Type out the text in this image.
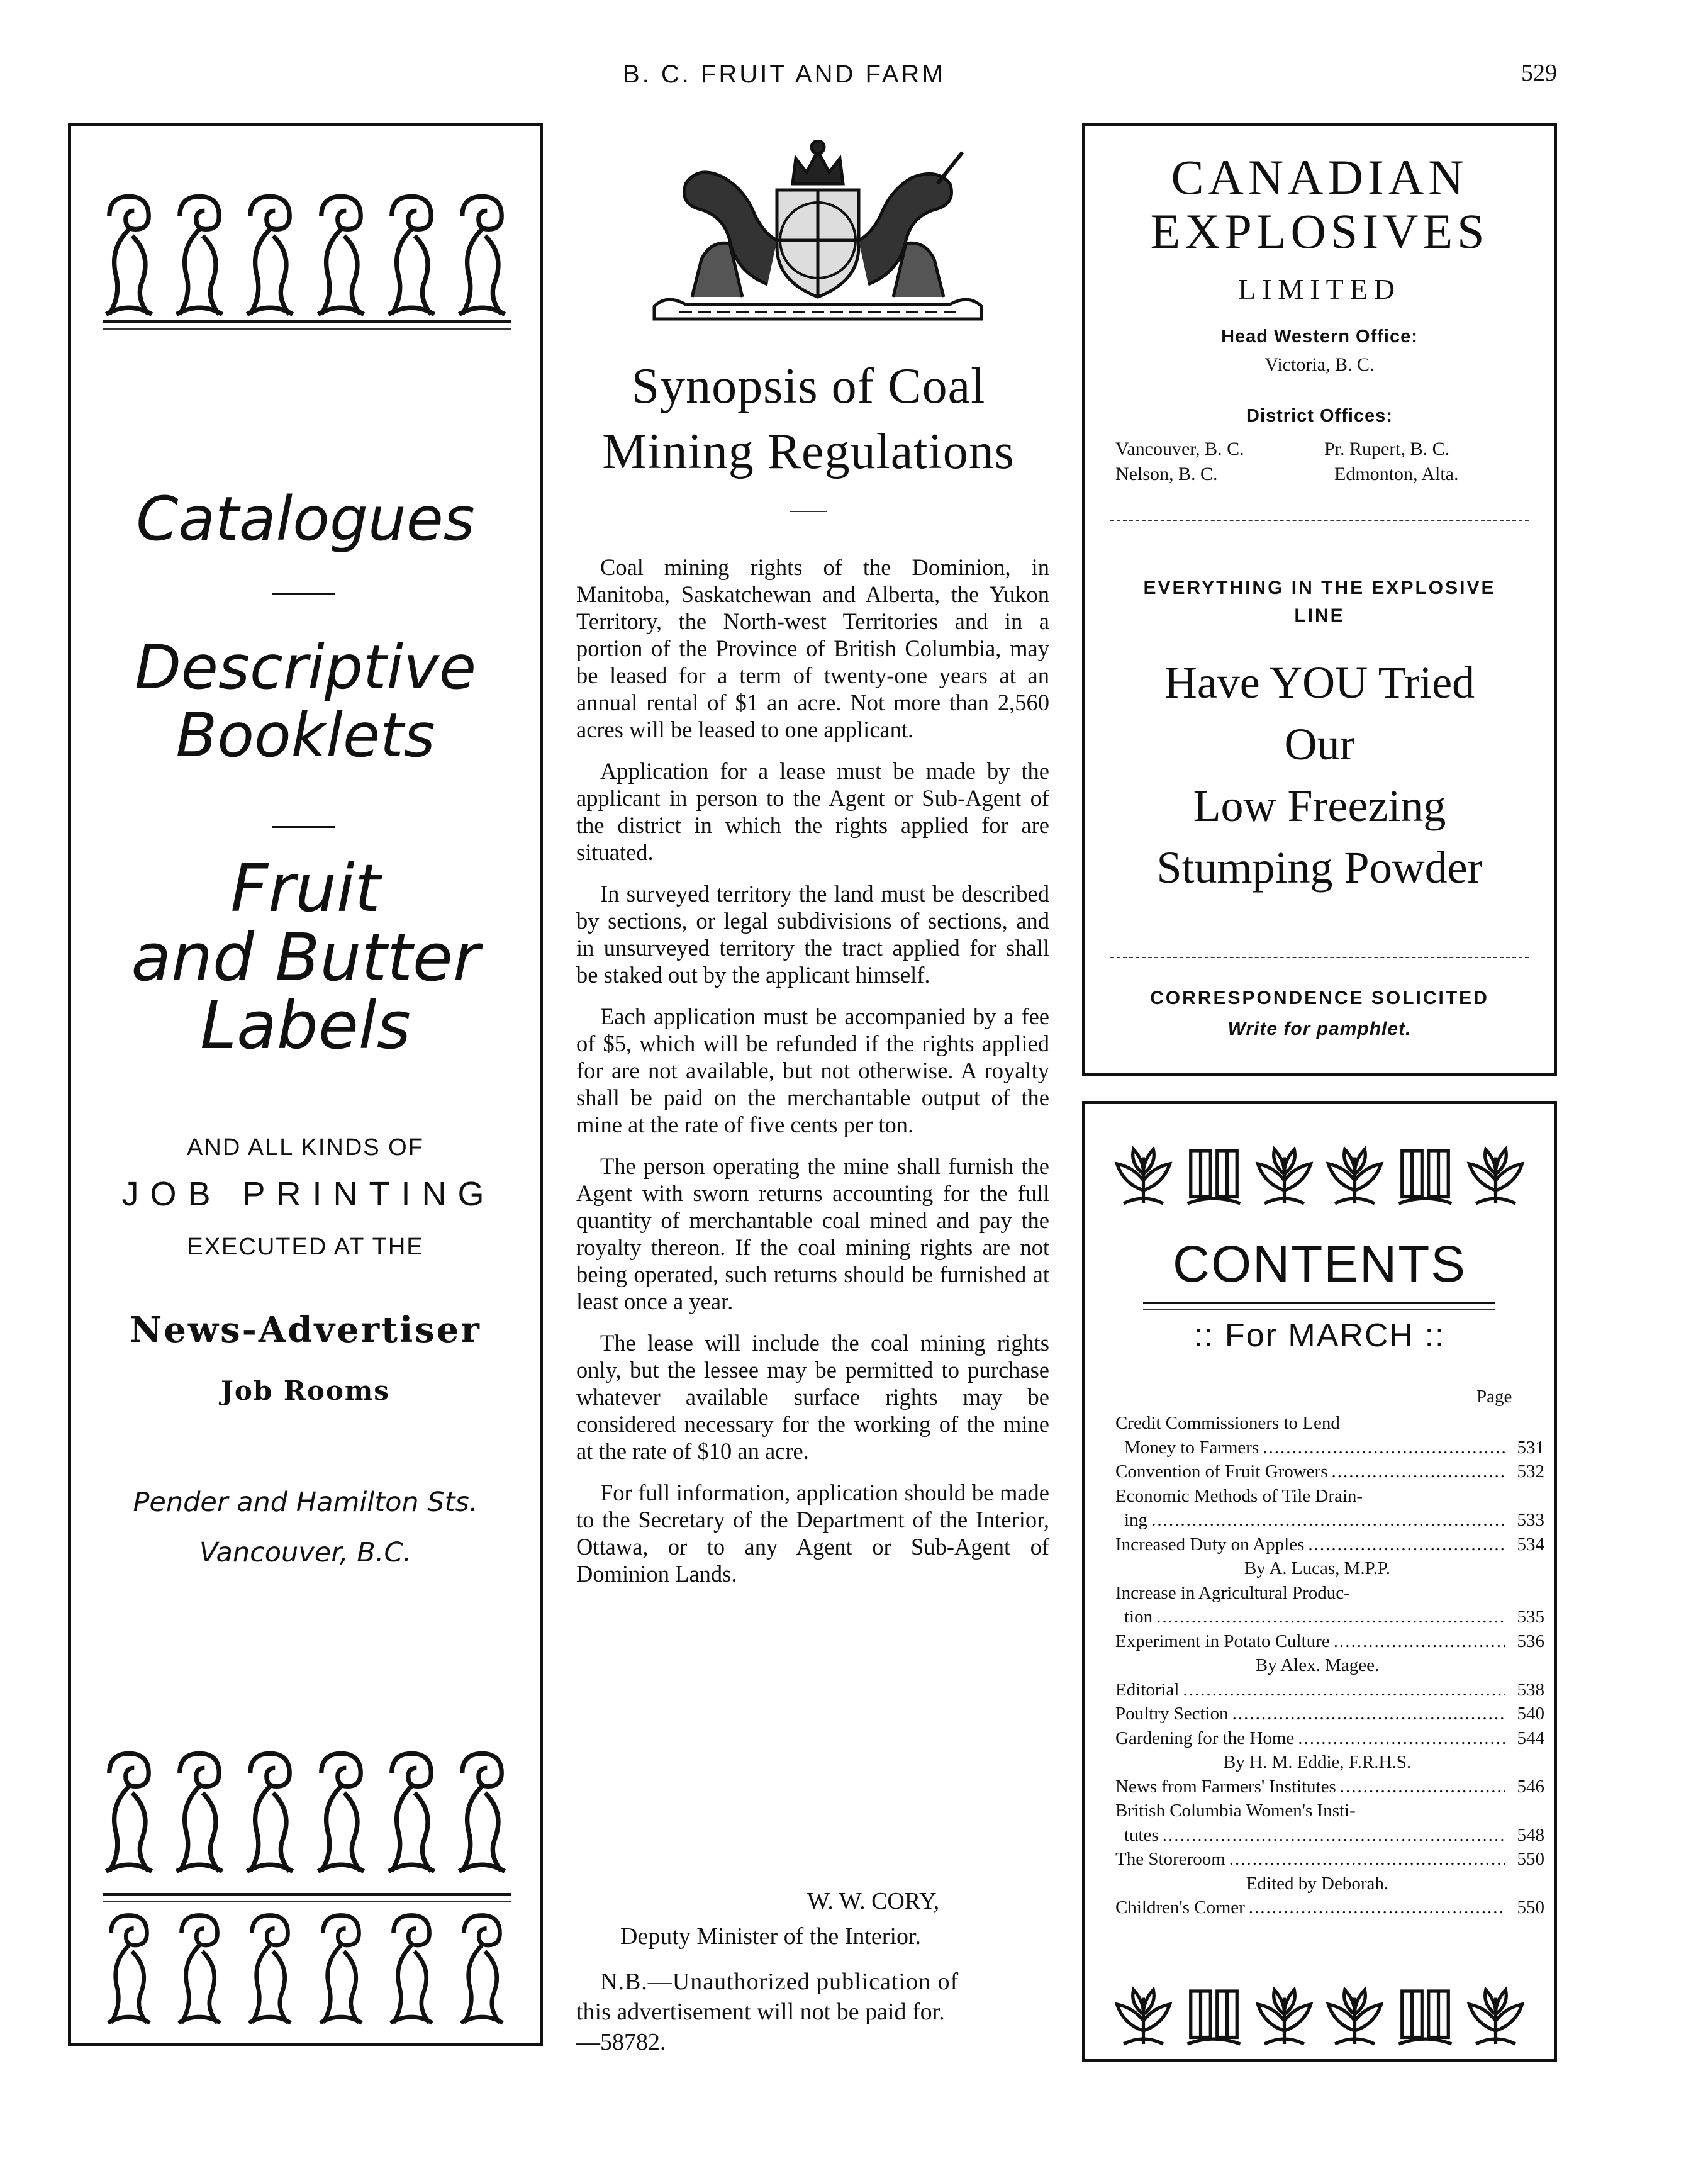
B. C. FRUIT AND FARM	529
Catalogues
Descriptive
Booklets
Fruit
and Butter
Labels
AND ALL KINDS OF
JOB PRINTING
EXECUTED AT THE
News-Advertiser
Job Rooms
Pender and Hamilton Sts.
Vancouver, B.C.
Synopsis of Coal
Mining Regulations

Coal mining rights of the Dominion, in Manitoba, Saskatchewan and Alberta, the Yukon Territory, the North-west Territories and in a portion of the Province of British Columbia, may be leased for a term of twenty-one years at an annual rental of $1 an acre. Not more than 2,560 acres will be leased to one applicant.

Application for a lease must be made by the applicant in person to the Agent or Sub-Agent of the district in which the rights applied for are situated.

In surveyed territory the land must be described by sections, or legal subdivisions of sections, and in unsurveyed territory the tract applied for shall be staked out by the applicant himself.

Each application must be accompanied by a fee of $5, which will be refunded if the rights applied for are not available, but not otherwise. A royalty shall be paid on the merchantable output of the mine at the rate of five cents per ton.

The person operating the mine shall furnish the Agent with sworn returns accounting for the full quantity of merchantable coal mined and pay the royalty thereon. If the coal mining rights are not being operated, such returns should be furnished at least once a year.

The lease will include the coal mining rights only, but the lessee may be permitted to purchase whatever available surface rights may be considered necessary for the working of the mine at the rate of $10 an acre.

For full information, application should be made to the Secretary of the Department of the Interior, Ottawa, or to any Agent or Sub-Agent of Dominion Lands.

W. W. CORY,
Deputy Minister of the Interior.
N.B.—Unauthorized publication of
this advertisement will not be paid for.
—58782.
CANADIAN
EXPLOSIVES
LIMITED
Head Western Office:
Victoria, B. C.
District Offices:
Vancouver, B. C.	Pr. Rupert, B. C.
Nelson, B. C.	Edmonton, Alta.
EVERYTHING IN THE EXPLOSIVE
LINE
Have YOU Tried
Our
Low Freezing
Stumping Powder
CORRESPONDENCE SOLICITED
Write for pamphlet.
CONTENTS
:: For MARCH ::
Page
Credit Commissioners to Lend
Money to Farmers .....	531
Convention of Fruit Growers .....	532
Economic Methods of Tile Drain-
ing .....	533
Increased Duty on Apples .....	534
By A. Lucas, M.P.P.
Increase in Agricultural Produc-
tion .....	535
Experiment in Potato Culture .....	536
By Alex. Magee.
Editorial .....	538
Poultry Section .....	540
Gardening for the Home .....	544
By H. M. Eddie, F.R.H.S.
News from Farmers' Institutes .....	546
British Columbia Women's Insti-
tutes .....	548
The Storeroom .....	550
Edited by Deborah.
Children's Corner .....	550
